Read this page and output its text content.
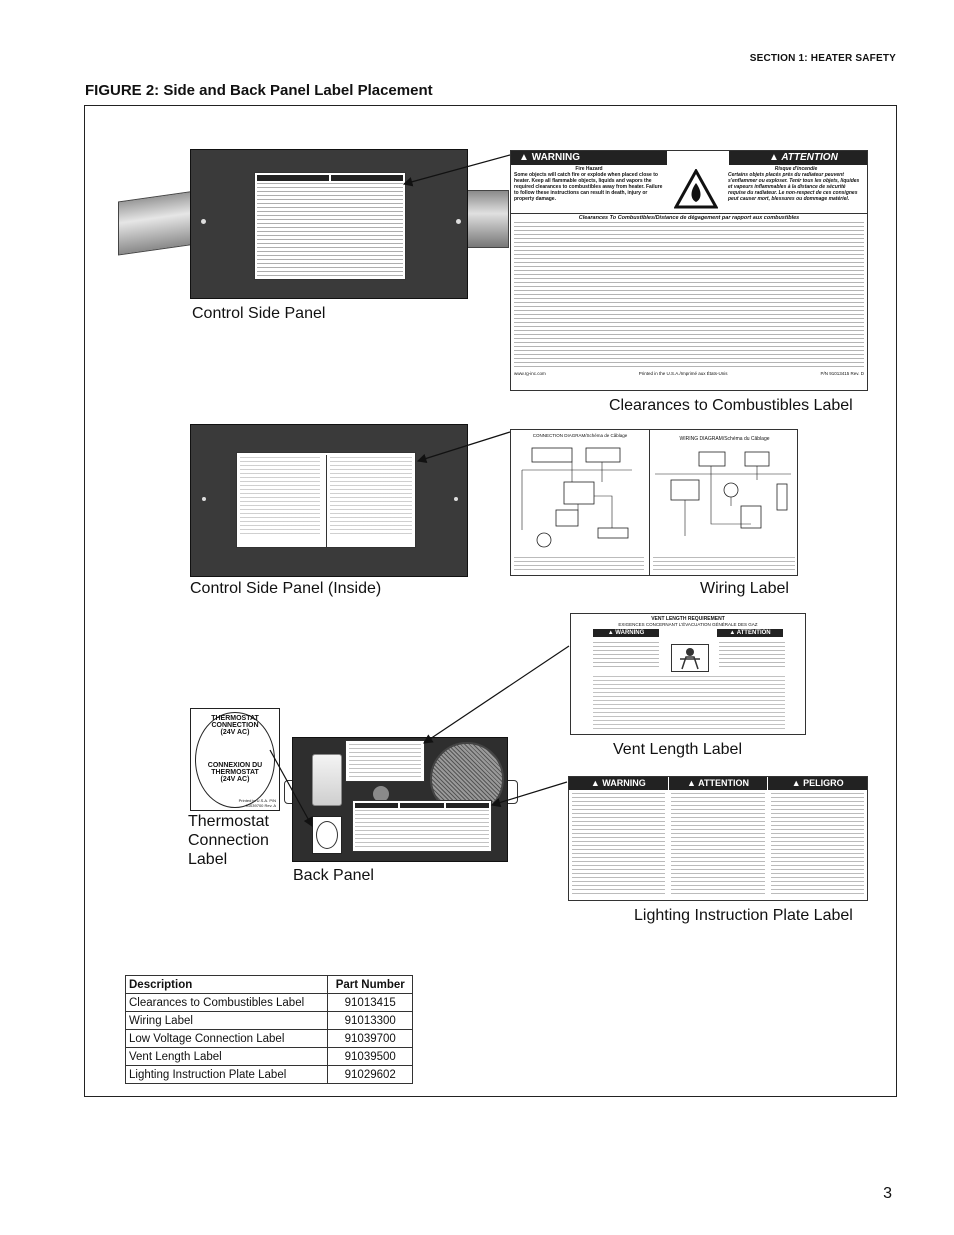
SECTION 1: HEATER SAFETY
FIGURE 2: Side and Back Panel Label Placement
Control Side Panel
▲ WARNING	▲ ATTENTION
Fire Hazard
Some objects will catch fire or explode when placed close to heater. Keep all flammable objects, liquids and vapors the required clearances to combustibles away from heater. Failure to follow these instructions can result in death, injury or property damage.
Risque d'incendie
Certains objets placés près du radiateur peuvent s'enflammer ou exploser. Tenir tous les objets, liquides et vapeurs inflammables à la distance de sécurité requise du radiateur. Le non-respect de ces consignes peut causer mort, blessures ou dommage matériel.
Clearances To Combustibles/Distance de dégagement par rapport aux combustibles
www.rg-inc.com	Printed in the U.S.A./Imprimé aux États-Unis	P/N 91013415 Rev. D
Clearances to Combustibles Label
CONNECTION DIAGRAM/Schéma de Câblage
WIRING DIAGRAM/Schéma du Câblage
Control Side Panel (Inside)	Wiring Label
VENT LENGTH REQUIREMENT
EXIGENCES CONCERNANT L'ÉVACUATION GÉNÉRALE DES GAZ
▲ WARNING	▲ ATTENTION
Vent Length Label
THERMOSTAT
CONNECTION
(24V AC)
CONNEXION DU
THERMOSTAT
(24V AC)
Printed in U.S.A. P/N 91039700 Rev. A
Thermostat
Connection
Label
Back Panel
▲ WARNING	▲ ATTENTION	▲ PELIGRO
Lighting Instruction Plate Label
Description	Part Number
Clearances to Combustibles Label	91013415
Wiring Label	91013300
Low Voltage Connection Label	91039700
Vent Length Label	91039500
Lighting Instruction Plate Label	91029602
3
